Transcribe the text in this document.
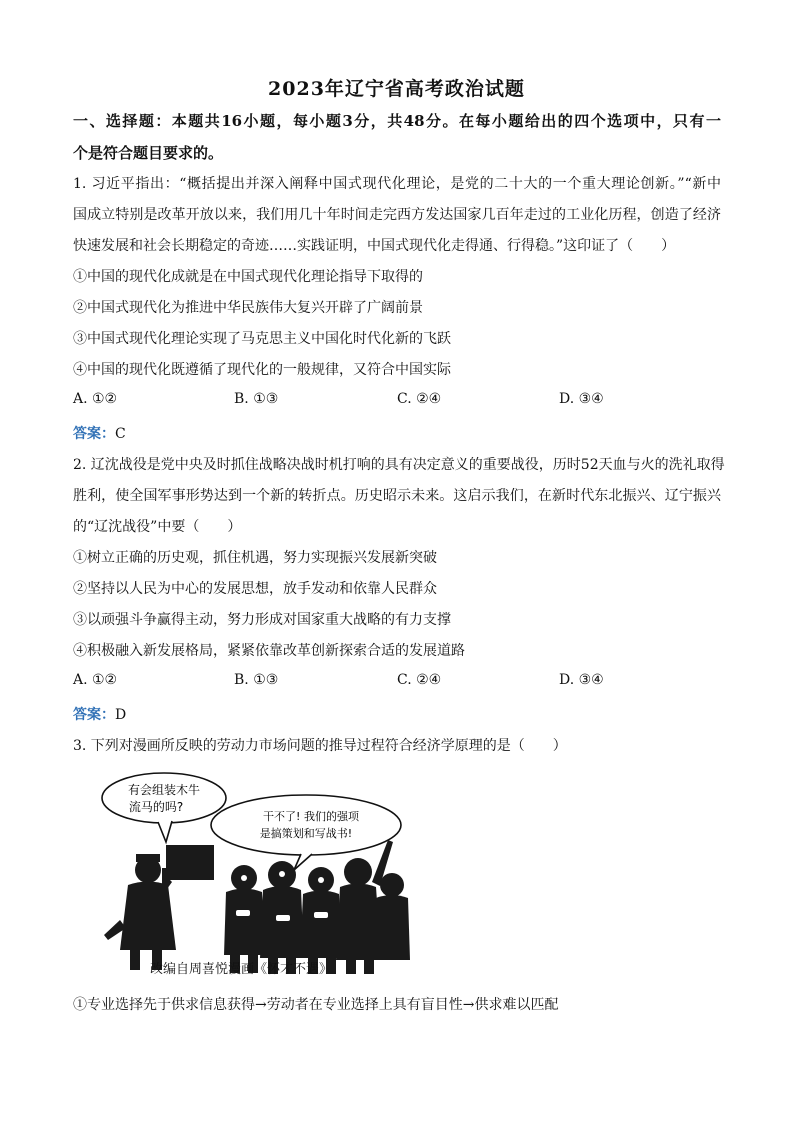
2023年辽宁省高考政治试题
一、选择题：本题共16小题，每小题3分，共48分。在每小题给出的四个选项中，只有一
个是符合题目要求的。
1. 习近平指出：“概括提出并深入阐释中国式现代化理论，是党的二十大的一个重大理论创新。”“新中
国成立特别是改革开放以来，我们用几十年时间走完西方发达国家几百年走过的工业化历程，创造了经济
快速发展和社会长期稳定的奇迹……实践证明，中国式现代化走得通、行得稳。”这印证了（　　）
①中国的现代化成就是在中国式现代化理论指导下取得的
②中国式现代化为推进中华民族伟大复兴开辟了广阔前景
③中国式现代化理论实现了马克思主义中国化时代化新的飞跃
④中国的现代化既遵循了现代化的一般规律，又符合中国实际
A. ①②	B. ①③	C. ②④	D. ③④
答案：C
2. 辽沈战役是党中央及时抓住战略决战时机打响的具有决定意义的重要战役，历时52天血与火的洗礼取得
胜利，使全国军事形势达到一个新的转折点。历史昭示未来。这启示我们，在新时代东北振兴、辽宁振兴
的“辽沈战役”中要（　　）
①树立正确的历史观，抓住机遇，努力实现振兴发展新突破
②坚持以人民为中心的发展思想，放手发动和依靠人民群众
③以顽强斗争赢得主动，努力形成对国家重大战略的有力支撑
④积极融入新发展格局，紧紧依靠改革创新探索合适的发展道路
A. ①②	B. ①③	C. ②④	D. ③④
答案：D
3. 下列对漫画所反映的劳动力市场问题的推导过程符合经济学原理的是（　　）
有会组装木牛
流马的吗?
干不了! 我们的强项
是搞策划和写战书!
改编自周喜悦漫画《怀才不遇》
①专业选择先于供求信息获得→劳动者在专业选择上具有盲目性→供求难以匹配
